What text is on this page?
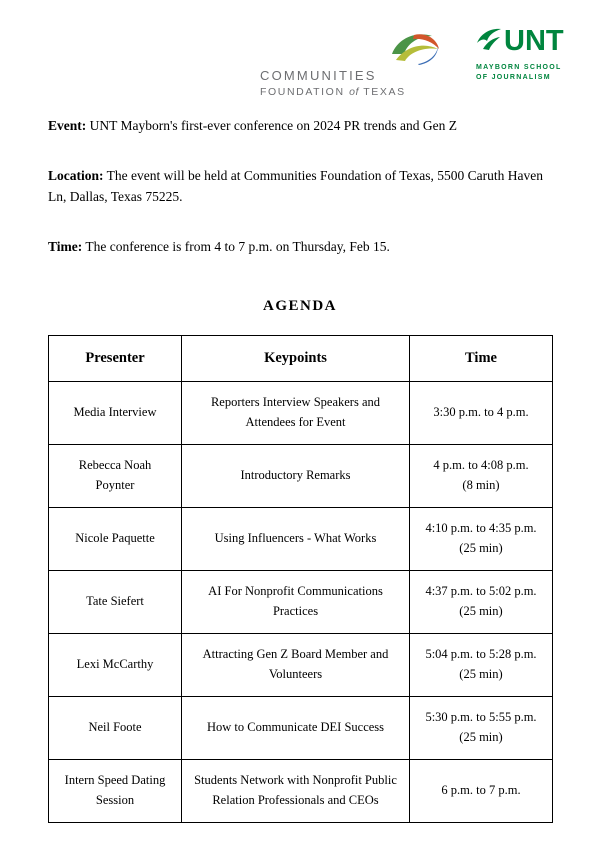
COMMUNITIES
FOUNDATION of TEXAS
UNT
MAYBORN SCHOOL
OF JOURNALISM

Event: UNT Mayborn's first-ever conference on 2024 PR trends and Gen Z

Location: The event will be held at Communities Foundation of Texas, 5500 Caruth Haven Ln, Dallas, Texas 75225.

Time: The conference is from 4 to 7 p.m. on Thursday, Feb 15.

AGENDA
Presenter	Keypoints	Time
Media Interview	Reporters Interview Speakers and Attendees for Event	3:30 p.m. to 4 p.m.

Rebecca Noah Poynter	Introductory Remarks	4 p.m. to 4:08 p.m.
(8 min)

Nicole Paquette	Using Influencers - What Works	4:10 p.m. to 4:35 p.m.
(25 min)

Tate Siefert	AI For Nonprofit Communications Practices	4:37 p.m. to 5:02 p.m.
(25 min)

Lexi McCarthy	Attracting Gen Z Board Member and Volunteers	5:04 p.m. to 5:28 p.m.
(25 min)

Neil Foote	How to Communicate DEI Success	5:30 p.m. to 5:55 p.m.
(25 min)

Intern Speed Dating Session	Students Network with Nonprofit Public Relation Professionals and CEOs	6 p.m. to 7 p.m.
